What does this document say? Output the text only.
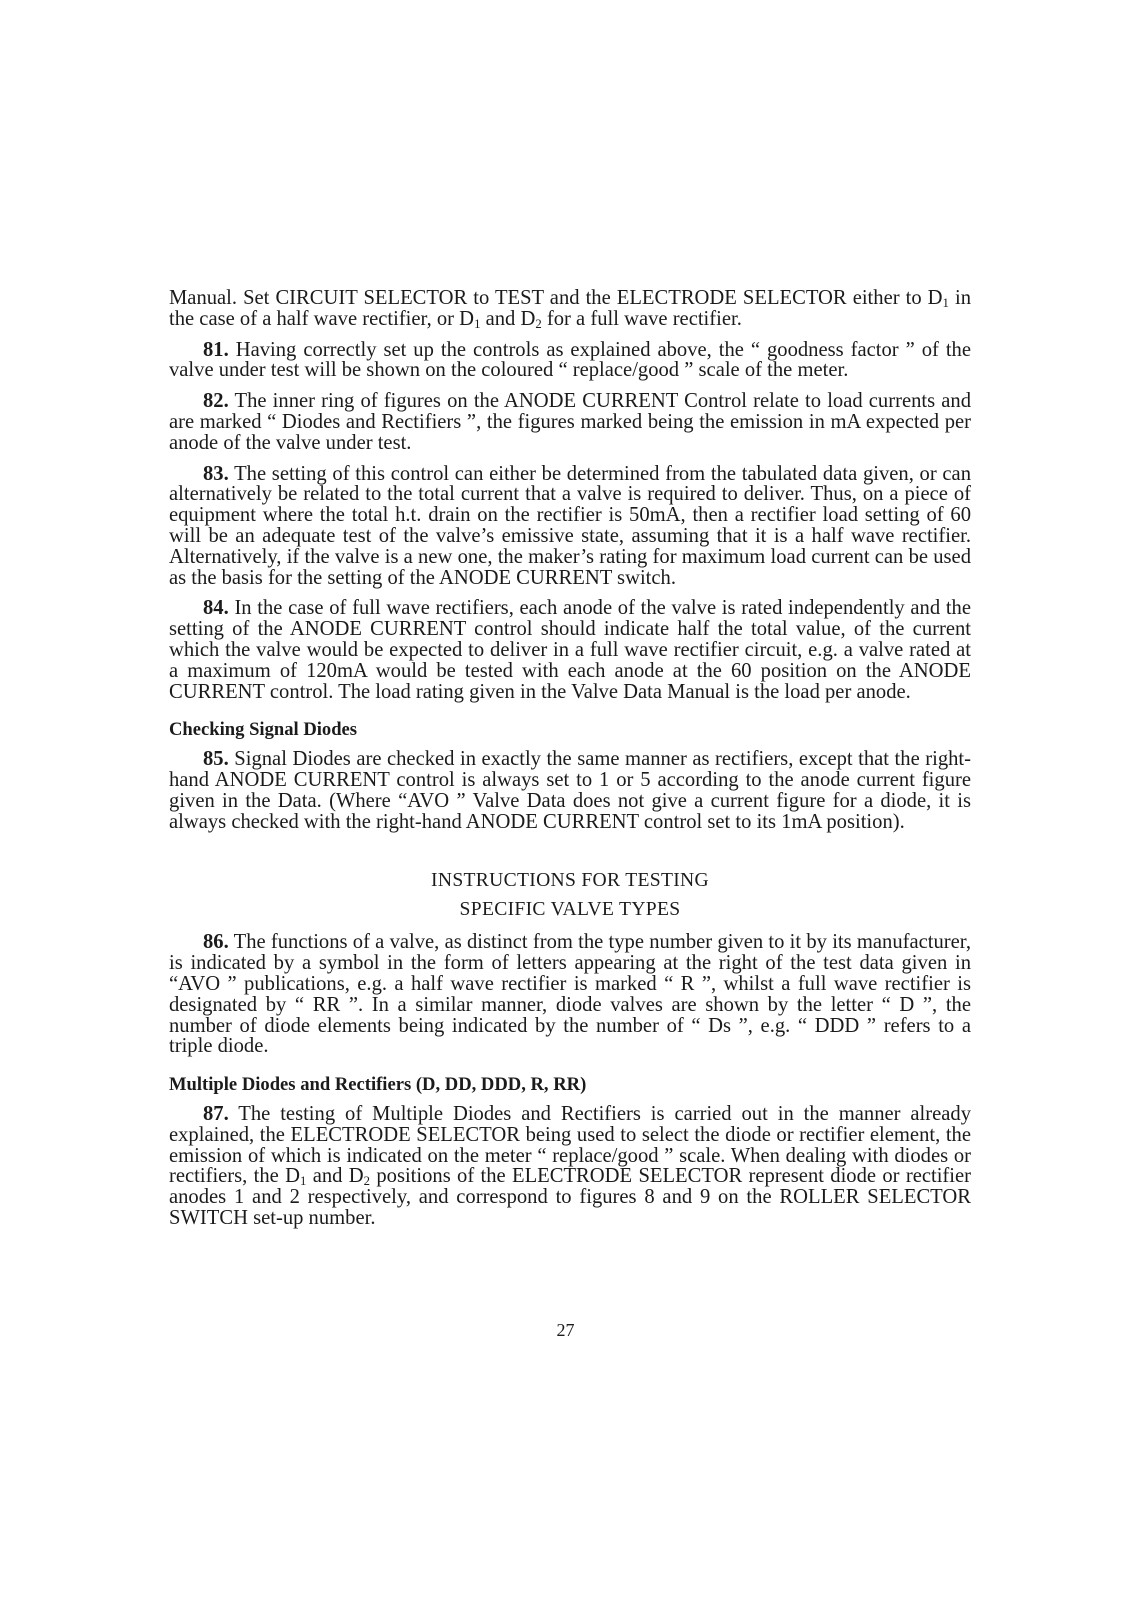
Manual. Set CIRCUIT SELECTOR to TEST and the ELECTRODE SELECTOR either to $D_1$ in the case of a half wave rectifier, or $D_1$ and $D_2$ for a full wave rectifier.

81. Having correctly set up the controls as explained above, the “ goodness factor ” of the valve under test will be shown on the coloured “ replace/good ” scale of the meter.

82. The inner ring of figures on the ANODE CURRENT Control relate to load currents and are marked “ Diodes and Rectifiers ”, the figures marked being the emission in mA expected per anode of the valve under test.

83. The setting of this control can either be determined from the tabulated data given, or can alternatively be related to the total current that a valve is required to deliver. Thus, on a piece of equipment where the total h.t. drain on the rectifier is 50mA, then a rectifier load setting of 60 will be an adequate test of the valve’s emissive state, assuming that it is a half wave rectifier. Alternatively, if the valve is a new one, the maker’s rating for maximum load current can be used as the basis for the setting of the ANODE CURRENT switch.

84. In the case of full wave rectifiers, each anode of the valve is rated independently and the setting of the ANODE CURRENT control should indicate half the total value, of the current which the valve would be expected to deliver in a full wave rectifier circuit, e.g. a valve rated at a maximum of 120mA would be tested with each anode at the 60 position on the ANODE CURRENT control. The load rating given in the Valve Data Manual is the load per anode.

Checking Signal Diodes

85. Signal Diodes are checked in exactly the same manner as rectifiers, except that the right-hand ANODE CURRENT control is always set to 1 or 5 according to the anode current figure given in the Data. (Where “AVO ” Valve Data does not give a current figure for a diode, it is always checked with the right-hand ANODE CURRENT control set to its 1mA position).

INSTRUCTIONS FOR TESTING
SPECIFIC VALVE TYPES

86. The functions of a valve, as distinct from the type number given to it by its manufacturer, is indicated by a symbol in the form of letters appearing at the right of the test data given in “AVO ” publications, e.g. a half wave rectifier is marked “ R ”, whilst a full wave rectifier is designated by “ RR ”. In a similar manner, diode valves are shown by the letter “ D ”, the number of diode elements being indicated by the number of “ Ds ”, e.g. “ DDD ” refers to a triple diode.

Multiple Diodes and Rectifiers (D, DD, DDD, R, RR)

87. The testing of Multiple Diodes and Rectifiers is carried out in the manner already explained, the ELECTRODE SELECTOR being used to select the diode or rectifier element, the emission of which is indicated on the meter “ replace/good ” scale. When dealing with diodes or rectifiers, the $D_1$ and $D_2$ positions of the ELECTRODE SELECTOR represent diode or rectifier anodes 1 and 2 respectively, and correspond to figures 8 and 9 on the ROLLER SELECTOR SWITCH set-up number.

27
